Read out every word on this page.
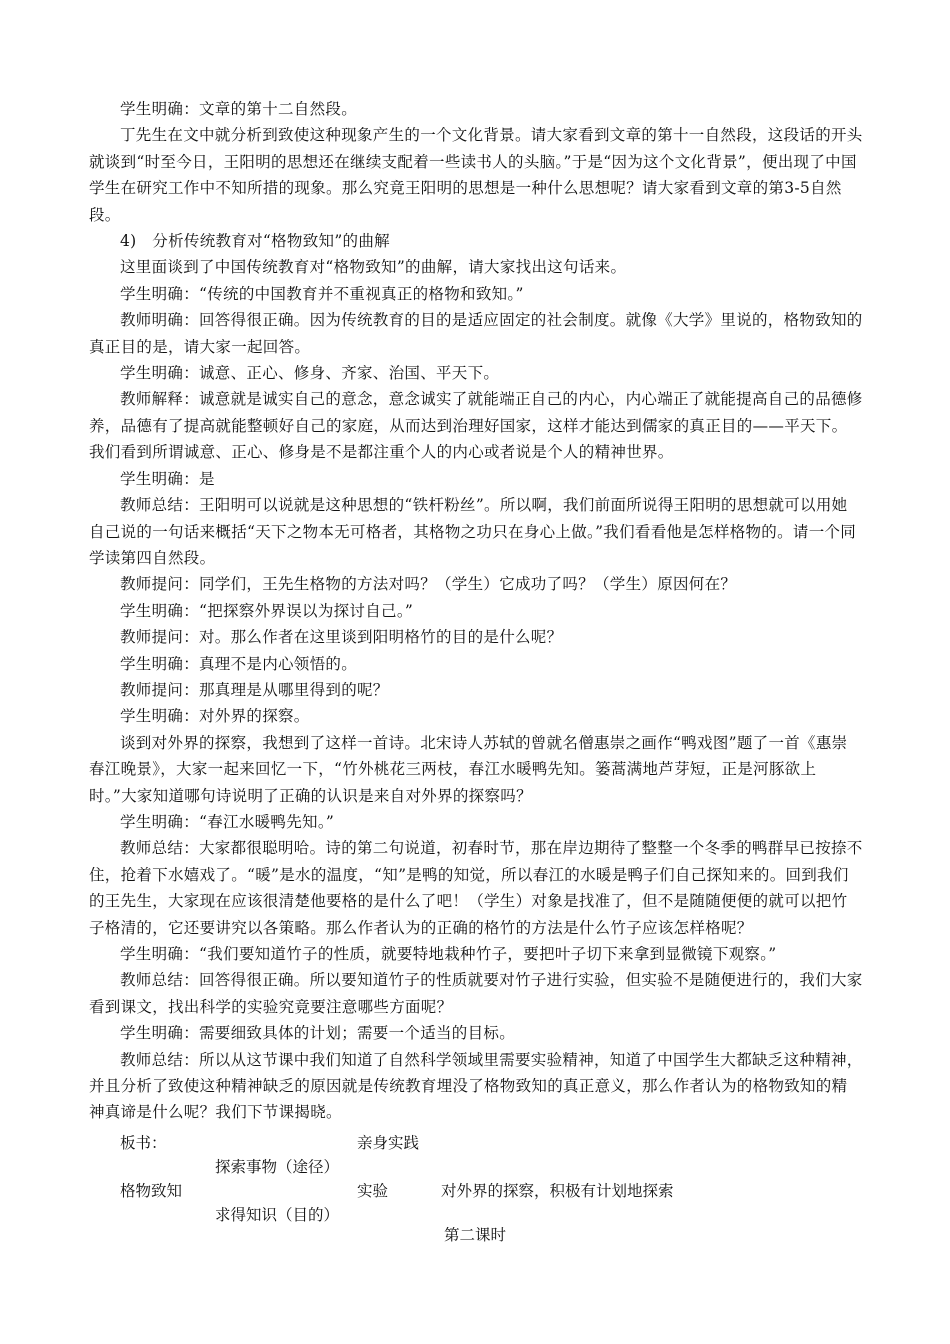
学生明确：文章的第十二自然段。

丁先生在文中就分析到致使这种现象产生的一个文化背景。请大家看到文章的第十一自然段，这段话的开头就谈到“时至今日，王阳明的思想还在继续支配着一些读书人的头脑。”于是“因为这个文化背景”，便出现了中国学生在研究工作中不知所措的现象。那么究竟王阳明的思想是一种什么思想呢？请大家看到文章的第3-5自然段。

4)　分析传统教育对“格物致知”的曲解

这里面谈到了中国传统教育对“格物致知”的曲解，请大家找出这句话来。

学生明确：“传统的中国教育并不重视真正的格物和致知。”

教师明确：回答得很正确。因为传统教育的目的是适应固定的社会制度。就像《大学》里说的，格物致知的真正目的是，请大家一起回答。

学生明确：诚意、正心、修身、齐家、治国、平天下。

教师解释：诚意就是诚实自己的意念，意念诚实了就能端正自己的内心，内心端正了就能提高自己的品德修养，品德有了提高就能整顿好自己的家庭，从而达到治理好国家，这样才能达到儒家的真正目的——平天下。我们看到所谓诚意、正心、修身是不是都注重个人的内心或者说是个人的精神世界。

学生明确：是

教师总结：王阳明可以说就是这种思想的“铁杆粉丝”。所以啊，我们前面所说得王阳明的思想就可以用她自己说的一句话来概括“天下之物本无可格者，其格物之功只在身心上做。”我们看看他是怎样格物的。请一个同学读第四自然段。

教师提问：同学们，王先生格物的方法对吗？（学生）它成功了吗？（学生）原因何在？

学生明确：“把探察外界误以为探讨自己。”

教师提问：对。那么作者在这里谈到阳明格竹的目的是什么呢？

学生明确：真理不是内心领悟的。

教师提问：那真理是从哪里得到的呢？

学生明确：对外界的探察。

谈到对外界的探察，我想到了这样一首诗。北宋诗人苏轼的曾就名僧惠崇之画作“鸭戏图”题了一首《惠崇春江晚景》，大家一起来回忆一下，“竹外桃花三两枝，春江水暖鸭先知。篓蒿满地芦芽短，正是河豚欲上时。”大家知道哪句诗说明了正确的认识是来自对外界的探察吗？

学生明确：“春江水暖鸭先知。”

教师总结：大家都很聪明哈。诗的第二句说道，初春时节，那在岸边期待了整整一个冬季的鸭群早已按捺不住，抢着下水嬉戏了。“暖”是水的温度，“知”是鸭的知觉，所以春江的水暖是鸭子们自己探知来的。回到我们的王先生，大家现在应该很清楚他要格的是什么了吧！（学生）对象是找准了，但不是随随便便的就可以把竹子格清的，它还要讲究以各策略。那么作者认为的正确的格竹的方法是什么竹子应该怎样格呢？

学生明确：“我们要知道竹子的性质，就要特地栽种竹子，要把叶子切下来拿到显微镜下观察。”

教师总结：回答得很正确。所以要知道竹子的性质就要对竹子进行实验，但实验不是随便进行的，我们大家看到课文，找出科学的实验究竟要注意哪些方面呢？

学生明确：需要细致具体的计划；需要一个适当的目标。

教师总结：所以从这节课中我们知道了自然科学领域里需要实验精神，知道了中国学生大都缺乏这种精神，并且分析了致使这种精神缺乏的原因就是传统教育埋没了格物致知的真正意义，那么作者认为的格物致知的精神真谛是什么呢？我们下节课揭晓。

板书：	亲身实践
探索事物（途径）
格物致知	实验	对外界的探察，积极有计划地探索
求得知识（目的）
第二课时
